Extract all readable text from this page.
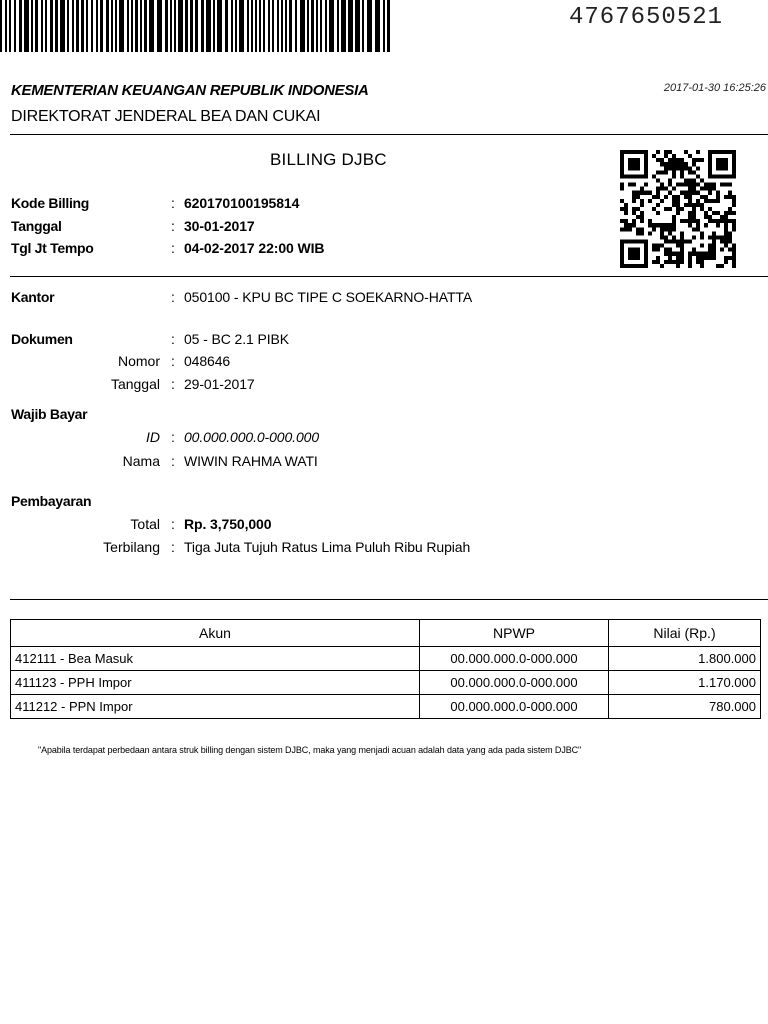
4767650521
KEMENTERIAN KEUANGAN REPUBLIK INDONESIA
DIREKTORAT JENDERAL BEA DAN CUKAI
2017-01-30 16:25:26
BILLING DJBC
Kode Billing	: 620170100195814
Tanggal	: 30-01-2017
Tgl Jt Tempo	: 04-02-2017 22:00 WIB
Kantor	: 050100 - KPU BC TIPE C SOEKARNO-HATTA
Dokumen	: 05 - BC 2.1 PIBK
Nomor : 048646
Tanggal : 29-01-2017
Wajib Bayar
ID : 00.000.000.0-000.000
Nama : WIWIN RAHMA WATI
Pembayaran
Total : Rp. 3,750,000
Terbilang : Tiga Juta Tujuh Ratus Lima Puluh Ribu Rupiah
Akun	NPWP	Nilai (Rp.)
412111 - Bea Masuk	00.000.000.0-000.000	1.800.000
411123 - PPH Impor	00.000.000.0-000.000	1.170.000
411212 - PPN Impor	00.000.000.0-000.000	780.000
"Apabila terdapat perbedaan antara struk billing dengan sistem DJBC, maka yang menjadi acuan adalah data yang ada pada sistem DJBC"
